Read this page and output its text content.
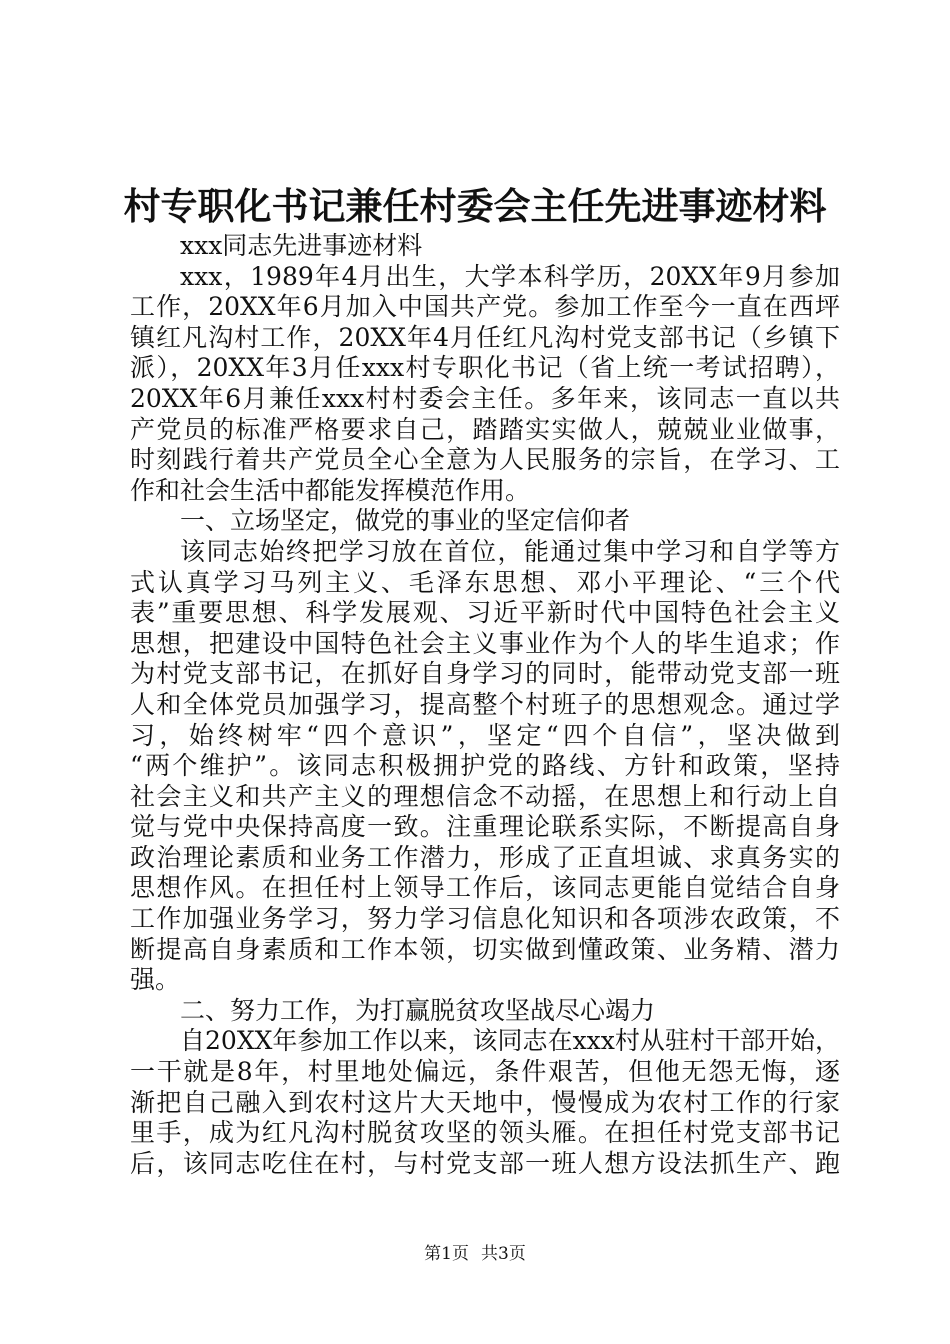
村专职化书记兼任村委会主任先进事迹材料
xxx同志先进事迹材料
xxx，1989年4月出生，大学本科学历，20XX年9月参加
工作，20XX年6月加入中国共产党。参加工作至今一直在西坪
镇红凡沟村工作，20XX年4月任红凡沟村党支部书记（乡镇下
派），20XX年3月任xxx村专职化书记（省上统一考试招聘），
20XX年6月兼任xxx村村委会主任。多年来，该同志一直以共
产党员的标准严格要求自己，踏踏实实做人，兢兢业业做事，
时刻践行着共产党员全心全意为人民服务的宗旨，在学习、工
作和社会生活中都能发挥模范作用。
一、立场坚定，做党的事业的坚定信仰者
该同志始终把学习放在首位，能通过集中学习和自学等方
式认真学习马列主义、毛泽东思想、邓小平理论、“三个代
表”重要思想、科学发展观、习近平新时代中国特色社会主义
思想，把建设中国特色社会主义事业作为个人的毕生追求；作
为村党支部书记，在抓好自身学习的同时，能带动党支部一班
人和全体党员加强学习，提高整个村班子的思想观念。通过学
习，始终树牢“四个意识”，坚定“四个自信”，坚决做到
“两个维护”。该同志积极拥护党的路线、方针和政策，坚持
社会主义和共产主义的理想信念不动摇，在思想上和行动上自
觉与党中央保持高度一致。注重理论联系实际，不断提高自身
政治理论素质和业务工作潜力，形成了正直坦诚、求真务实的
思想作风。在担任村上领导工作后，该同志更能自觉结合自身
工作加强业务学习，努力学习信息化知识和各项涉农政策，不
断提高自身素质和工作本领，切实做到懂政策、业务精、潜力
强。
二、努力工作，为打赢脱贫攻坚战尽心竭力
自20XX年参加工作以来，该同志在xxx村从驻村干部开始，
一干就是8年，村里地处偏远，条件艰苦，但他无怨无悔，逐
渐把自己融入到农村这片大天地中，慢慢成为农村工作的行家
里手，成为红凡沟村脱贫攻坚的领头雁。在担任村党支部书记
后，该同志吃住在村，与村党支部一班人想方设法抓生产、跑
第1页 共3页
